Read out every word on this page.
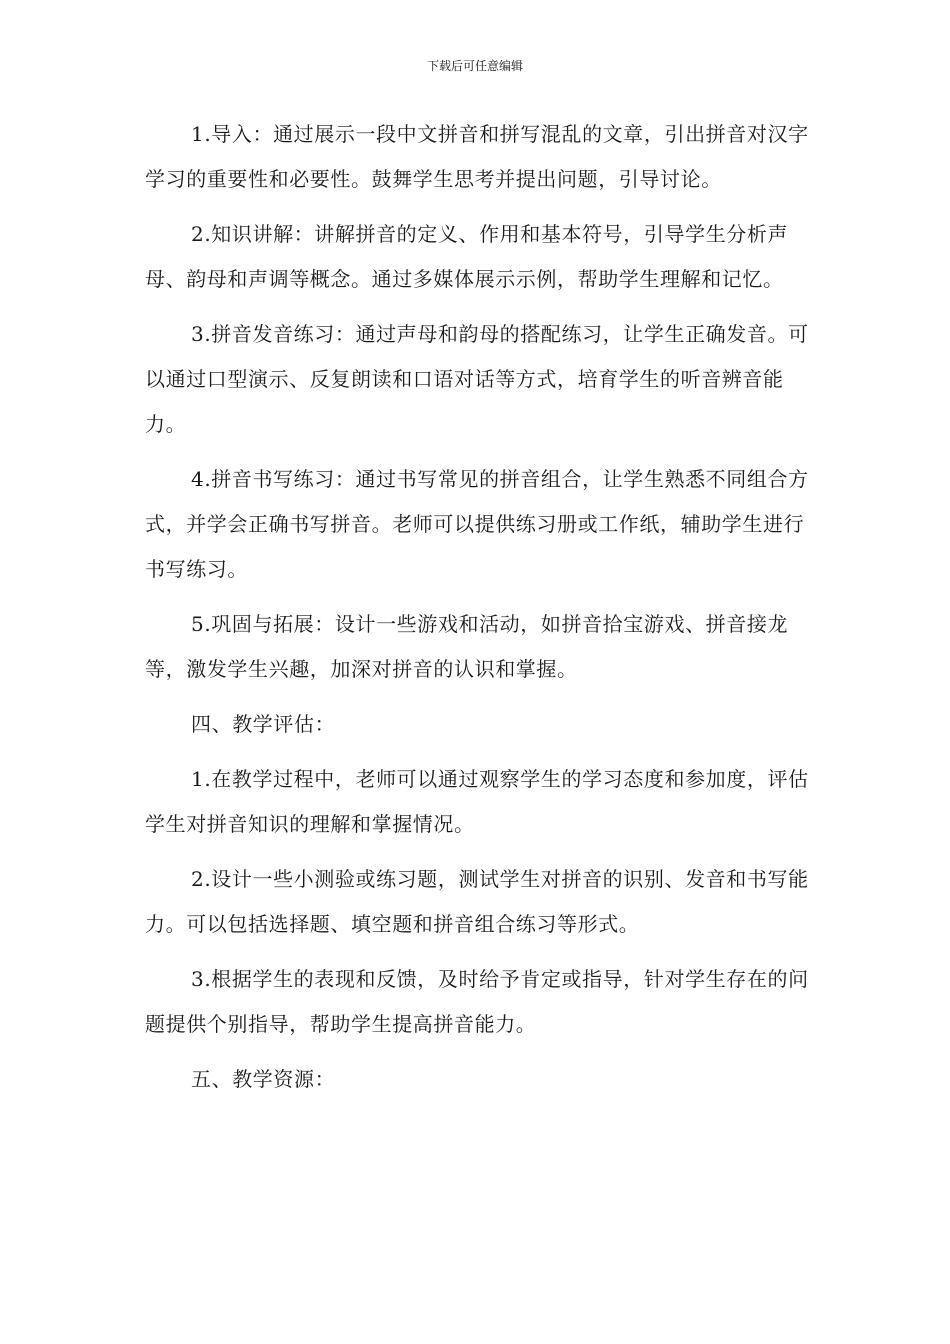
下载后可任意编辑

1.导入：通过展示一段中文拼音和拼写混乱的文章，引出拼音对汉字学习的重要性和必要性。鼓舞学生思考并提出问题，引导讨论。

2.知识讲解：讲解拼音的定义、作用和基本符号，引导学生分析声母、韵母和声调等概念。通过多媒体展示示例，帮助学生理解和记忆。

3.拼音发音练习：通过声母和韵母的搭配练习，让学生正确发音。可以通过口型演示、反复朗读和口语对话等方式，培育学生的听音辨音能力。

4.拼音书写练习：通过书写常见的拼音组合，让学生熟悉不同组合方式，并学会正确书写拼音。老师可以提供练习册或工作纸，辅助学生进行书写练习。

5.巩固与拓展：设计一些游戏和活动，如拼音拾宝游戏、拼音接龙等，激发学生兴趣，加深对拼音的认识和掌握。

四、教学评估：

1.在教学过程中，老师可以通过观察学生的学习态度和参加度，评估学生对拼音知识的理解和掌握情况。

2.设计一些小测验或练习题，测试学生对拼音的识别、发音和书写能力。可以包括选择题、填空题和拼音组合练习等形式。

3.根据学生的表现和反馈，及时给予肯定或指导，针对学生存在的问题提供个别指导，帮助学生提高拼音能力。

五、教学资源：
